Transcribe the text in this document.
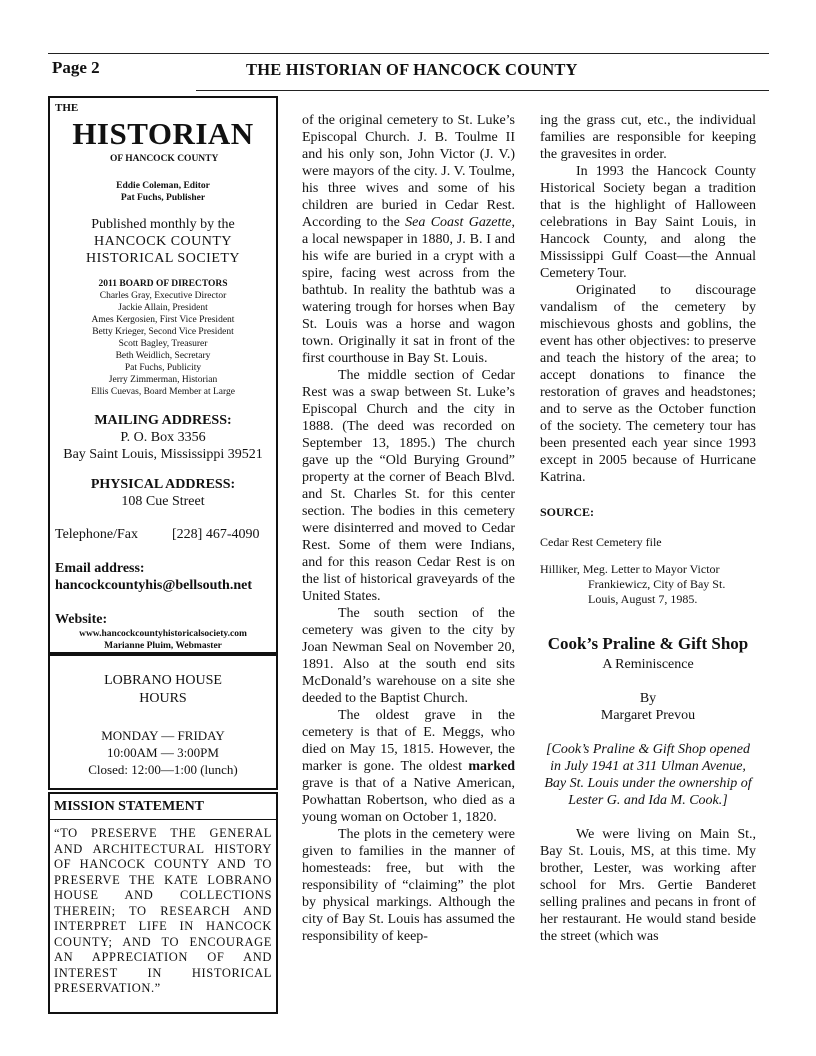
Page 2	THE HISTORIAN OF HANCOCK COUNTY
THE
HISTORIAN
OF HANCOCK COUNTY
Eddie Coleman, Editor
Pat Fuchs, Publisher
Published monthly by the
HANCOCK COUNTY
HISTORICAL SOCIETY
2011 BOARD OF DIRECTORS
Charles Gray, Executive Director
Jackie Allain, President
Ames Kergosien, First Vice President
Betty Krieger, Second Vice President
Scott Bagley, Treasurer
Beth Weidlich, Secretary
Pat Fuchs, Publicity
Jerry Zimmerman, Historian
Ellis Cuevas, Board Member at Large
MAILING ADDRESS:
P. O. Box 3356
Bay Saint Louis, Mississippi 39521
PHYSICAL ADDRESS:
108 Cue Street
Telephone/Fax [228] 467-4090
Email address:
hancockcountyhis@bellsouth.net
Website:
www.hancockcountyhistoricalsociety.com
Marianne Pluim, Webmaster
LOBRANO HOUSE
HOURS
MONDAY — FRIDAY
10:00AM — 3:00PM
Closed: 12:00—1:00 (lunch)
MISSION STATEMENT
“TO PRESERVE THE GENERAL AND ARCHITECTURAL HISTORY OF HANCOCK COUNTY AND TO PRESERVE THE KATE LOBRANO HOUSE AND COLLECTIONS THEREIN; TO RESEARCH AND INTERPRET LIFE IN HANCOCK COUNTY; AND TO ENCOURAGE AN APPRECIATION OF AND INTEREST IN HISTORICAL PRESERVATION.”

of the original cemetery to St. Luke’s Episcopal Church. J. B. Toulme II and his only son, John Victor (J. V.) were mayors of the city. J. V. Toulme, his three wives and some of his children are buried in Cedar Rest. According to the Sea Coast Gazette, a local newspaper in 1880, J. B. I and his wife are buried in a crypt with a spire, facing west across from the bathtub. In reality the bathtub was a watering trough for horses when Bay St. Louis was a horse and wagon town. Originally it sat in front of the first courthouse in Bay St. Louis.

The middle section of Cedar Rest was a swap between St. Luke’s Episcopal Church and the city in 1888. (The deed was recorded on September 13, 1895.) The church gave up the “Old Burying Ground” property at the corner of Beach Blvd. and St. Charles St. for this center section. The bodies in this cemetery were disinterred and moved to Cedar Rest. Some of them were Indians, and for this reason Cedar Rest is on the list of historical graveyards of the United States.

The south section of the cemetery was given to the city by Joan Newman Seal on November 20, 1891. Also at the south end sits McDonald’s warehouse on a site she deeded to the Baptist Church.

The oldest grave in the cemetery is that of E. Meggs, who died on May 15, 1815. However, the marker is gone. The oldest marked grave is that of a Native American, Powhattan Robertson, who died as a young woman on October 1, 1820.

The plots in the cemetery were given to families in the manner of homesteads: free, but with the responsibility of “claiming” the plot by physical markings. Although the city of Bay St. Louis has assumed the responsibility of keep-

ing the grass cut, etc., the individual families are responsible for keeping the gravesites in order.

In 1993 the Hancock County Historical Society began a tradition that is the highlight of Halloween celebrations in Bay Saint Louis, in Hancock County, and along the Mississippi Gulf Coast—the Annual Cemetery Tour.

Originated to discourage vandalism of the cemetery by mischievous ghosts and goblins, the event has other objectives: to preserve and teach the history of the area; to accept donations to finance the restoration of graves and headstones; and to serve as the October function of the society. The cemetery tour has been presented each year since 1993 except in 2005 because of Hurricane Katrina.

SOURCE:

Cedar Rest Cemetery file

Hilliker, Meg. Letter to Mayor Victor Frankiewicz, City of Bay St. Louis, August 7, 1985.

Cook’s Praline & Gift Shop

A Reminiscence

By

Margaret Prevou

[Cook’s Praline & Gift Shop opened in July 1941 at 311 Ulman Avenue, Bay St. Louis under the ownership of Lester G. and Ida M. Cook.]

We were living on Main St., Bay St. Louis, MS, at this time. My brother, Lester, was working after school for Mrs. Gertie Banderet selling pralines and pecans in front of her restaurant. He would stand beside the street (which was
